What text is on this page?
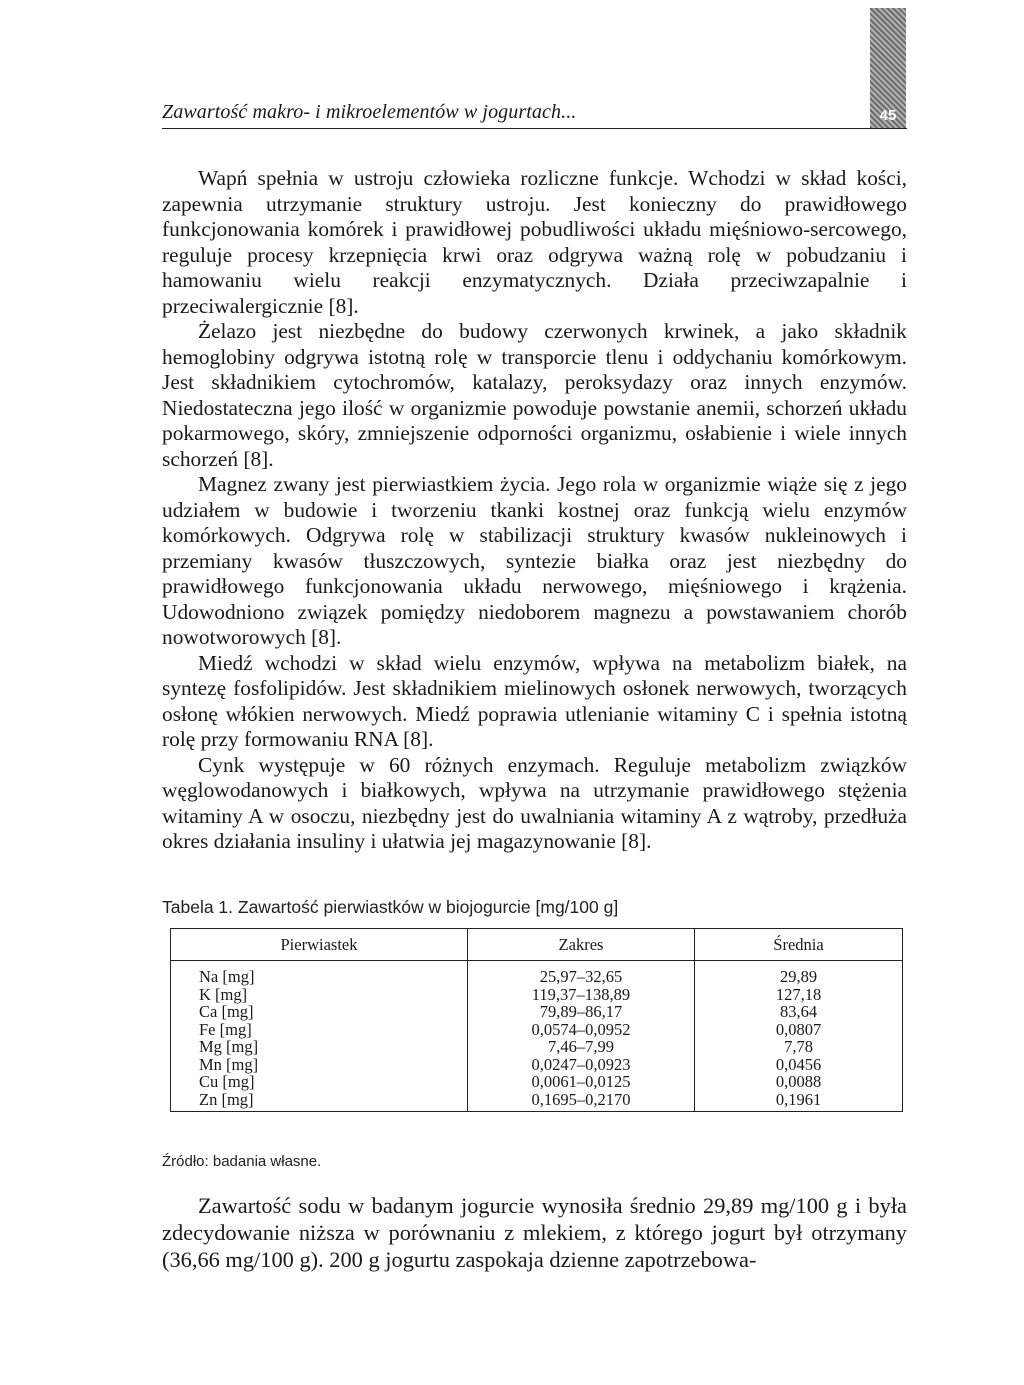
Zawartość makro- i mikroelementów w jogurtach...	45

Wapń spełnia w ustroju człowieka rozliczne funkcje. Wchodzi w skład kości, zapewnia utrzymanie struktury ustroju. Jest konieczny do prawidłowego funkcjonowania komórek i prawidłowej pobudliwości układu mięśniowo-sercowego, reguluje procesy krzepnięcia krwi oraz odgrywa ważną rolę w pobudzaniu i hamowaniu wielu reakcji enzymatycznych. Działa przeciwzapalnie i przeciwalergicznie [8].

Żelazo jest niezbędne do budowy czerwonych krwinek, a jako składnik hemoglobiny odgrywa istotną rolę w transporcie tlenu i oddychaniu komórkowym. Jest składnikiem cytochromów, katalazy, peroksydazy oraz innych enzymów. Niedostateczna jego ilość w organizmie powoduje powstanie anemii, schorzeń układu pokarmowego, skóry, zmniejszenie odporności organizmu, osłabienie i wiele innych schorzeń [8].

Magnez zwany jest pierwiastkiem życia. Jego rola w organizmie wiąże się z jego udziałem w budowie i tworzeniu tkanki kostnej oraz funkcją wielu enzymów komórkowych. Odgrywa rolę w stabilizacji struktury kwasów nukleinowych i przemiany kwasów tłuszczowych, syntezie białka oraz jest niezbędny do prawidłowego funkcjonowania układu nerwowego, mięśniowego i krążenia. Udowodniono związek pomiędzy niedoborem magnezu a powstawaniem chorób nowotworowych [8].

Miedź wchodzi w skład wielu enzymów, wpływa na metabolizm białek, na syntezę fosfolipidów. Jest składnikiem mielinowych osłonek nerwowych, tworzących osłonę włókien nerwowych. Miedź poprawia utlenianie witaminy C i spełnia istotną rolę przy formowaniu RNA [8].

Cynk występuje w 60 różnych enzymach. Reguluje metabolizm związków węglowodanowych i białkowych, wpływa na utrzymanie prawidłowego stężenia witaminy A w osoczu, niezbędny jest do uwalniania witaminy A z wątroby, przedłuża okres działania insuliny i ułatwia jej magazynowanie [8].

Tabela 1. Zawartość pierwiastków w biojogurcie [mg/100 g]
Pierwiastek	Zakres	Średnia
Na [mg]	25,97–32,65	29,89
K [mg]	119,37–138,89	127,18
Ca [mg]	79,89–86,17	83,64
Fe [mg]	0,0574–0,0952	0,0807
Mg [mg]	7,46–7,99	7,78
Mn [mg]	0,0247–0,0923	0,0456
Cu [mg]	0,0061–0,0125	0,0088
Zn [mg]	0,1695–0,2170	0,1961
Źródło: badania własne.

Zawartość sodu w badanym jogurcie wynosiła średnio 29,89 mg/100 g i była zdecydowanie niższa w porównaniu z mlekiem, z którego jogurt był otrzymany (36,66 mg/100 g). 200 g jogurtu zaspokaja dzienne zapotrzebowa-
